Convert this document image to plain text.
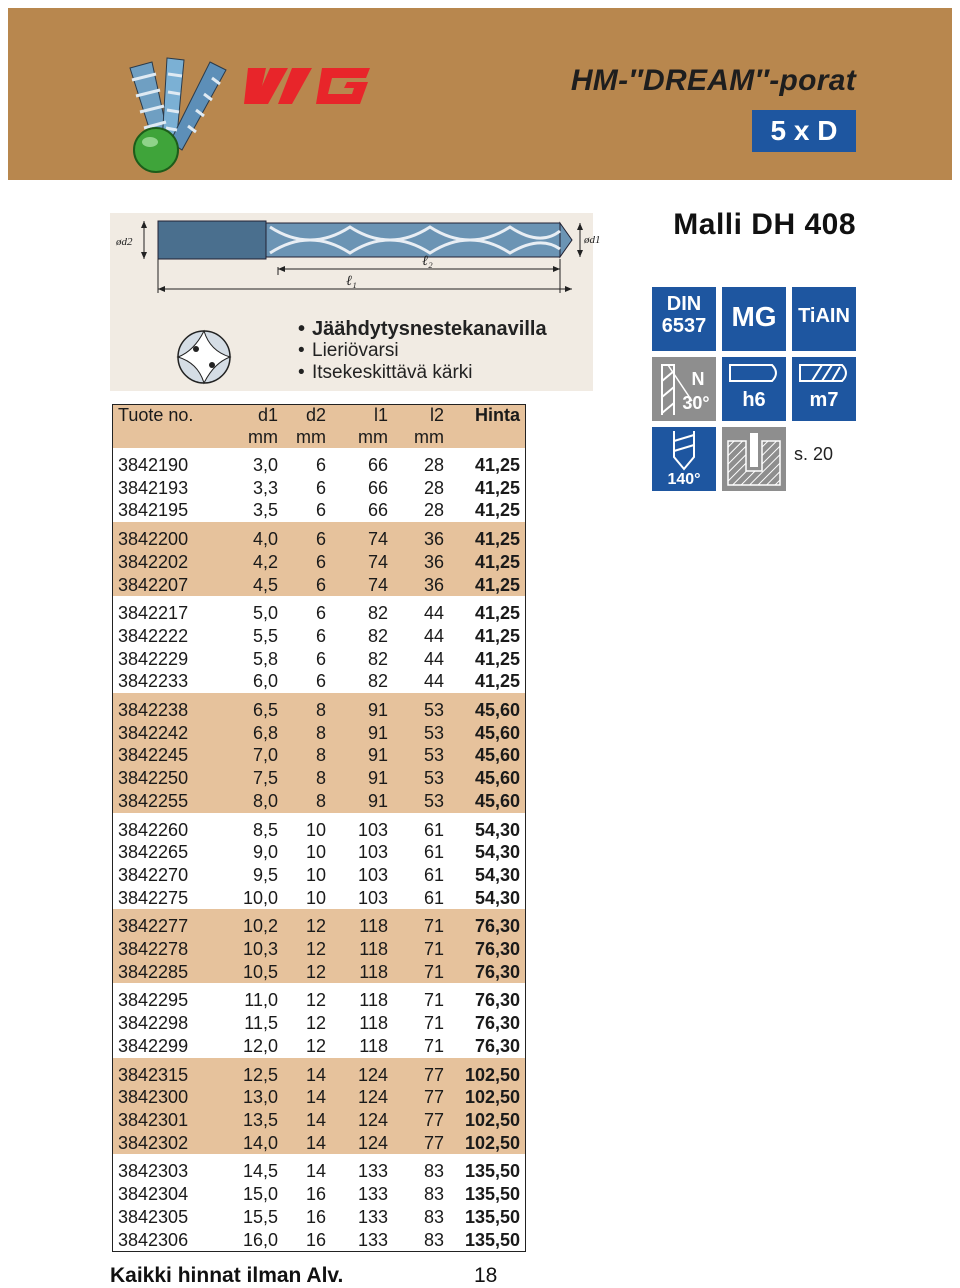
HM-″DREAM″-porat
5 x D
Malli DH 408
ød2	ød1
ℓ₂
ℓ₁
• Jäähdytysnestekanavilla
• Lieriövarsi
• Itsekeskittävä kärki
Tuote no.	d1	d2	l1	l2	Hinta
	mm	mm	mm	mm	
3842190	3,0	6	66	28	41,25
3842193	3,3	6	66	28	41,25
3842195	3,5	6	66	28	41,25
3842200	4,0	6	74	36	41,25
3842202	4,2	6	74	36	41,25
3842207	4,5	6	74	36	41,25
3842217	5,0	6	82	44	41,25
3842222	5,5	6	82	44	41,25
3842229	5,8	6	82	44	41,25
3842233	6,0	6	82	44	41,25
3842238	6,5	8	91	53	45,60
3842242	6,8	8	91	53	45,60
3842245	7,0	8	91	53	45,60
3842250	7,5	8	91	53	45,60
3842255	8,0	8	91	53	45,60
3842260	8,5	10	103	61	54,30
3842265	9,0	10	103	61	54,30
3842270	9,5	10	103	61	54,30
3842275	10,0	10	103	61	54,30
3842277	10,2	12	118	71	76,30
3842278	10,3	12	118	71	76,30
3842285	10,5	12	118	71	76,30
3842295	11,0	12	118	71	76,30
3842298	11,5	12	118	71	76,30
3842299	12,0	12	118	71	76,30
3842315	12,5	14	124	77	102,50
3842300	13,0	14	124	77	102,50
3842301	13,5	14	124	77	102,50
3842302	14,0	14	124	77	102,50
3842303	14,5	14	133	83	135,50
3842304	15,0	16	133	83	135,50
3842305	15,5	16	133	83	135,50
3842306	16,0	16	133	83	135,50
DIN
6537 MG	TiAIN
N
30°	h6	m7
140°
s. 20
Kaikki hinnat ilman Alv.	18
